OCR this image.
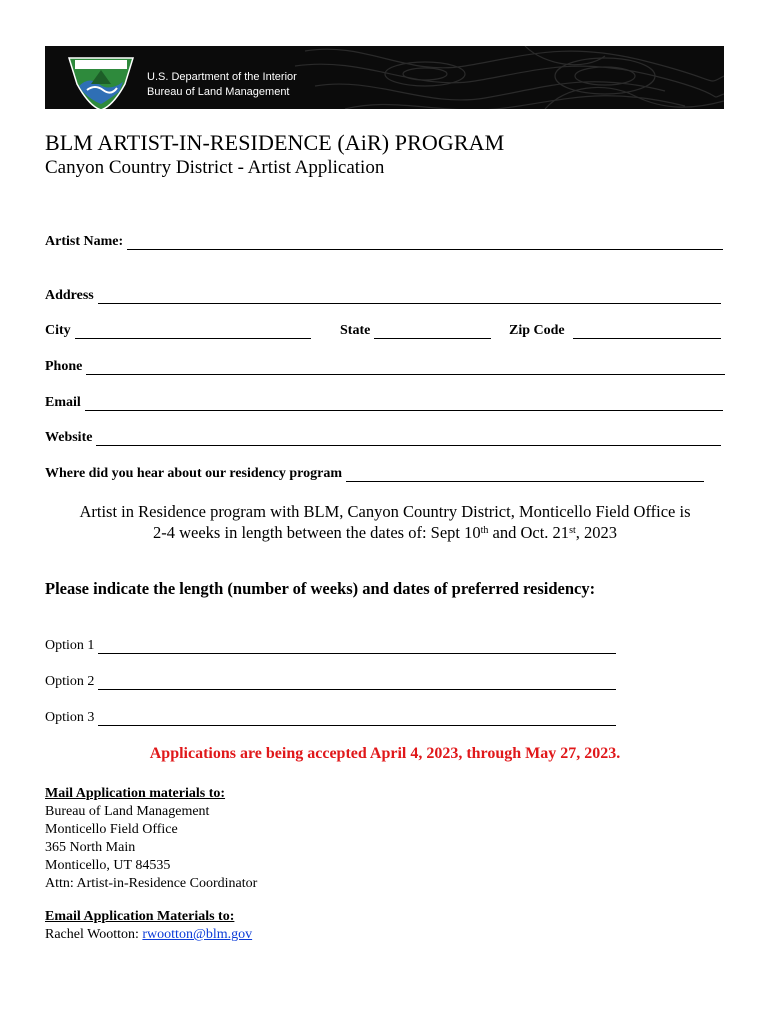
U.S. Department of the Interior
Bureau of Land Management
BLM ARTIST-IN-RESIDENCE (AiR) PROGRAM
Canyon Country District - Artist Application
Artist Name:
Address
City	State	Zip Code
Phone
Email
Website
Where did you hear about our residency program
Artist in Residence program with BLM, Canyon Country District, Monticello Field Office is
2-4 weeks in length between the dates of: Sept 10th and Oct. 21st, 2023
Please indicate the length (number of weeks) and dates of preferred residency:
Option 1
Option 2
Option 3
Applications are being accepted April 4, 2023, through May 27, 2023.
Mail Application materials to:
Bureau of Land Management
Monticello Field Office
365 North Main
Monticello, UT 84535
Attn: Artist-in-Residence Coordinator
Email Application Materials to:
Rachel Wootton: rwootton@blm.gov
